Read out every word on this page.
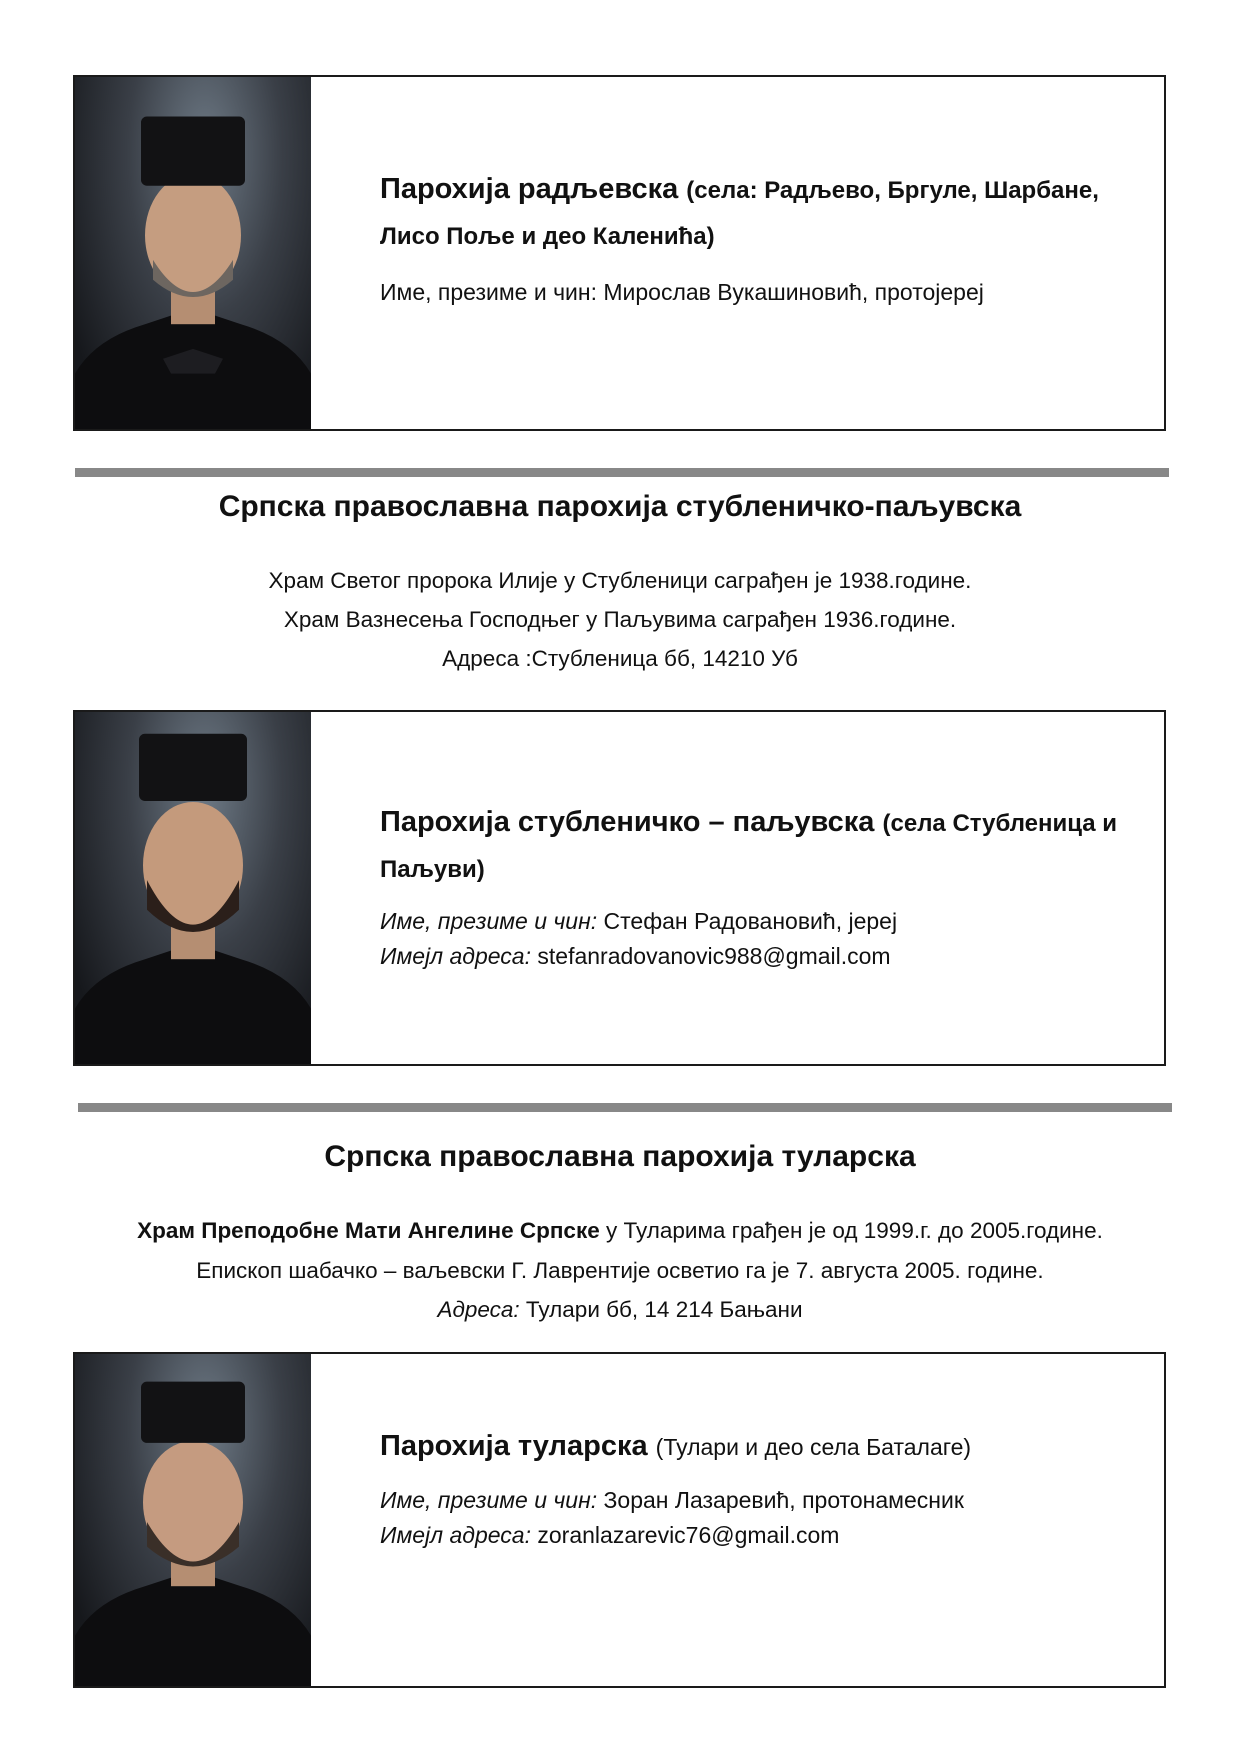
Парохија радљевска (села: Радљево, Бргуле, Шарбане, Лисо Поље и део Каленића)

Име, презиме и чин: Мирослав Вукашиновић, протојереј

Српска православна парохија стубленичко-паљувска

Храм Светог пророка Илије у Стубленици саграђен је 1938.године.

Храм Вазнесења Господњег у Паљувима саграђен 1936.године.

Адреса :Стубленица бб, 14210 Уб

Парохија стубленичко – паљувска (села Стубленица и Паљуви)

Име, презиме и чин: Стефан Радовановић, јереј

Имејл адреса: stefanradovanovic988@gmail.com

Српска православна парохија туларска

Храм Преподобне Мати Ангелине Српске у Туларима грађен је од 1999.г. до 2005.године.

Епископ шабачко – ваљевски Г. Лаврентије осветио га је 7. августа 2005. године.

Адреса: Тулари бб, 14 214 Бањани

Парохија туларска (Тулари и део села Баталаге)

Име, презиме и чин: Зоран Лазаревић, протонамесник

Имејл адреса: zoranlazarevic76@gmail.com
